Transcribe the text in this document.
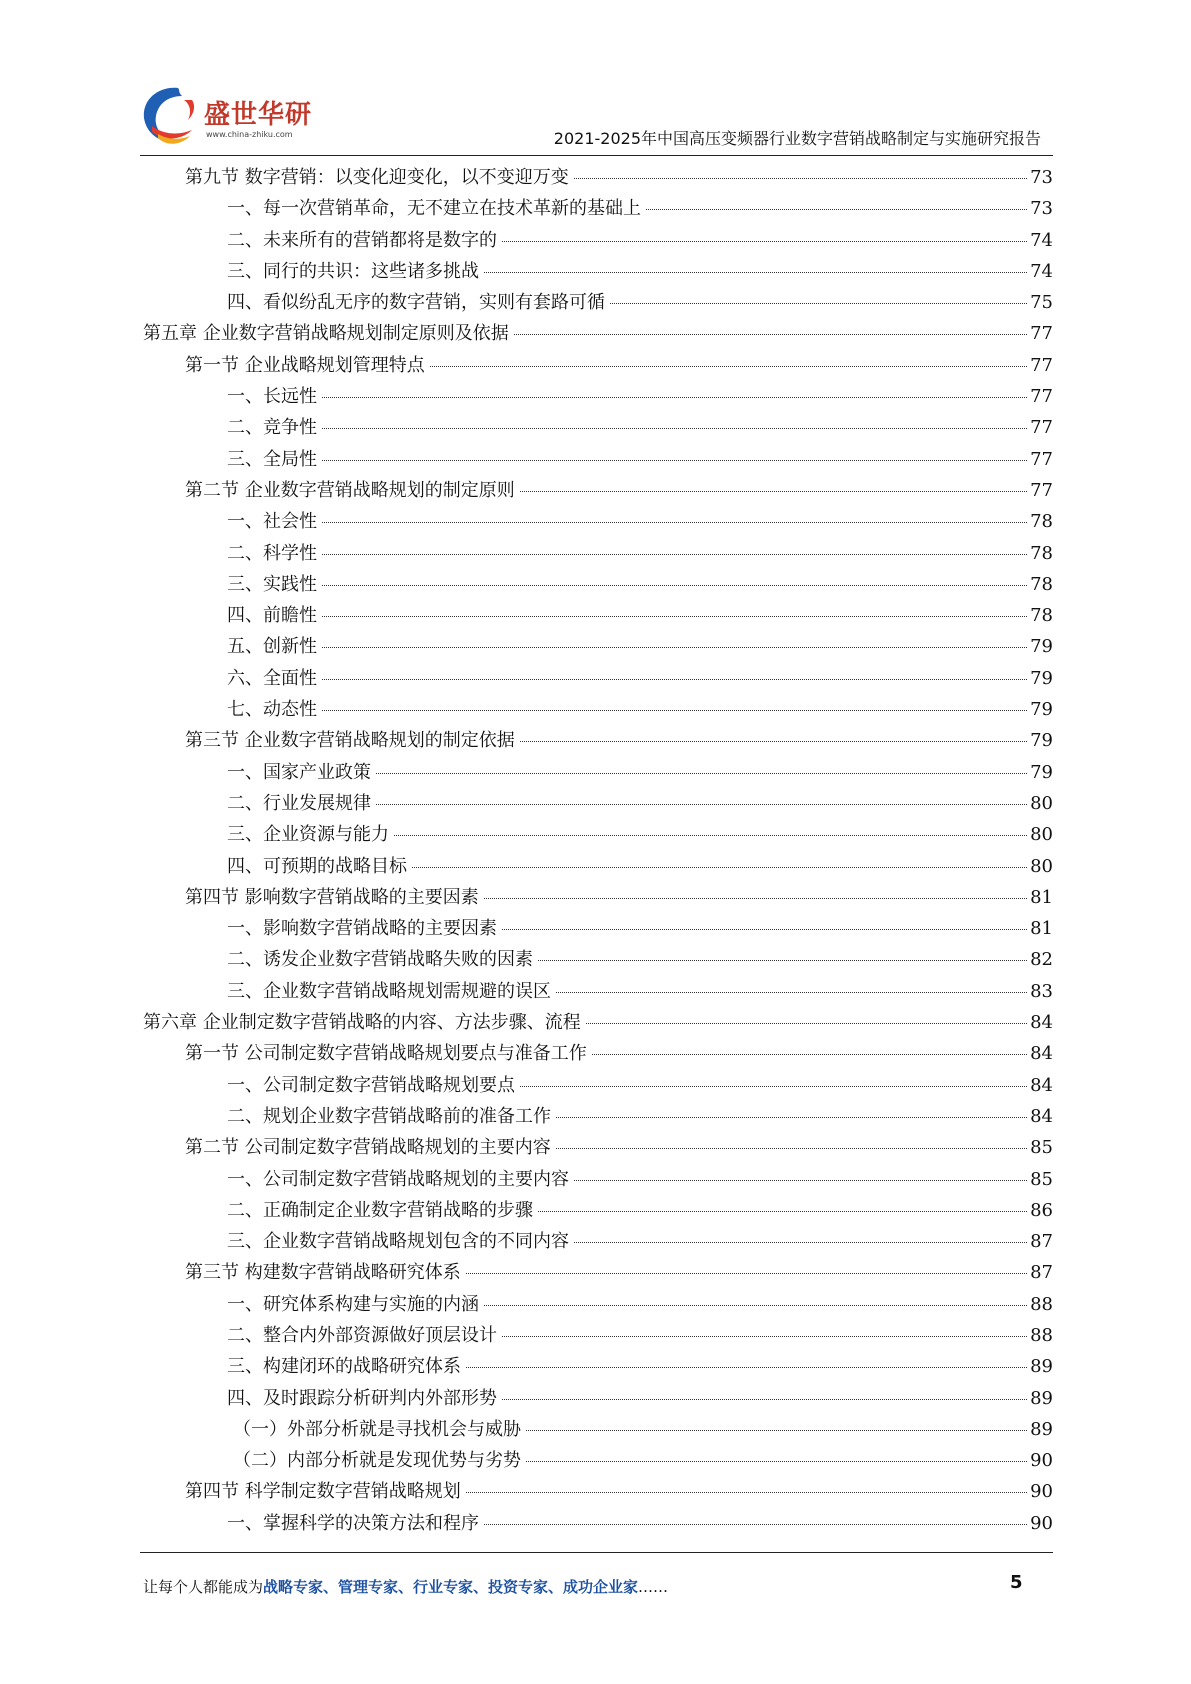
盛世华研
www.china-zhiku.com	2021-2025年中国高压变频器行业数字营销战略制定与实施研究报告
第九节 数字营销：以变化迎变化，以不变迎万变	73
一、每一次营销革命，无不建立在技术革新的基础上	73
二、未来所有的营销都将是数字的	74
三、同行的共识：这些诸多挑战	74
四、看似纷乱无序的数字营销，实则有套路可循	75
第五章 企业数字营销战略规划制定原则及依据	77
第一节 企业战略规划管理特点	77
一、长远性	77
二、竞争性	77
三、全局性	77
第二节 企业数字营销战略规划的制定原则	77
一、社会性	78
二、科学性	78
三、实践性	78
四、前瞻性	78
五、创新性	79
六、全面性	79
七、动态性	79
第三节 企业数字营销战略规划的制定依据	79
一、国家产业政策	79
二、行业发展规律	80
三、企业资源与能力	80
四、可预期的战略目标	80
第四节 影响数字营销战略的主要因素	81
一、影响数字营销战略的主要因素	81
二、诱发企业数字营销战略失败的因素	82
三、企业数字营销战略规划需规避的误区	83
第六章 企业制定数字营销战略的内容、方法步骤、流程	84
第一节 公司制定数字营销战略规划要点与准备工作	84
一、公司制定数字营销战略规划要点	84
二、规划企业数字营销战略前的准备工作	84
第二节 公司制定数字营销战略规划的主要内容	85
一、公司制定数字营销战略规划的主要内容	85
二、正确制定企业数字营销战略的步骤	86
三、企业数字营销战略规划包含的不同内容	87
第三节 构建数字营销战略研究体系	87
一、研究体系构建与实施的内涵	88
二、整合内外部资源做好顶层设计	88
三、构建闭环的战略研究体系	89
四、及时跟踪分析研判内外部形势	89
（一）外部分析就是寻找机会与威胁	89
（二）内部分析就是发现优势与劣势	90
第四节 科学制定数字营销战略规划	90
一、掌握科学的决策方法和程序	90
让每个人都能成为战略专家、管理专家、行业专家、投资专家、成功企业家……	5
